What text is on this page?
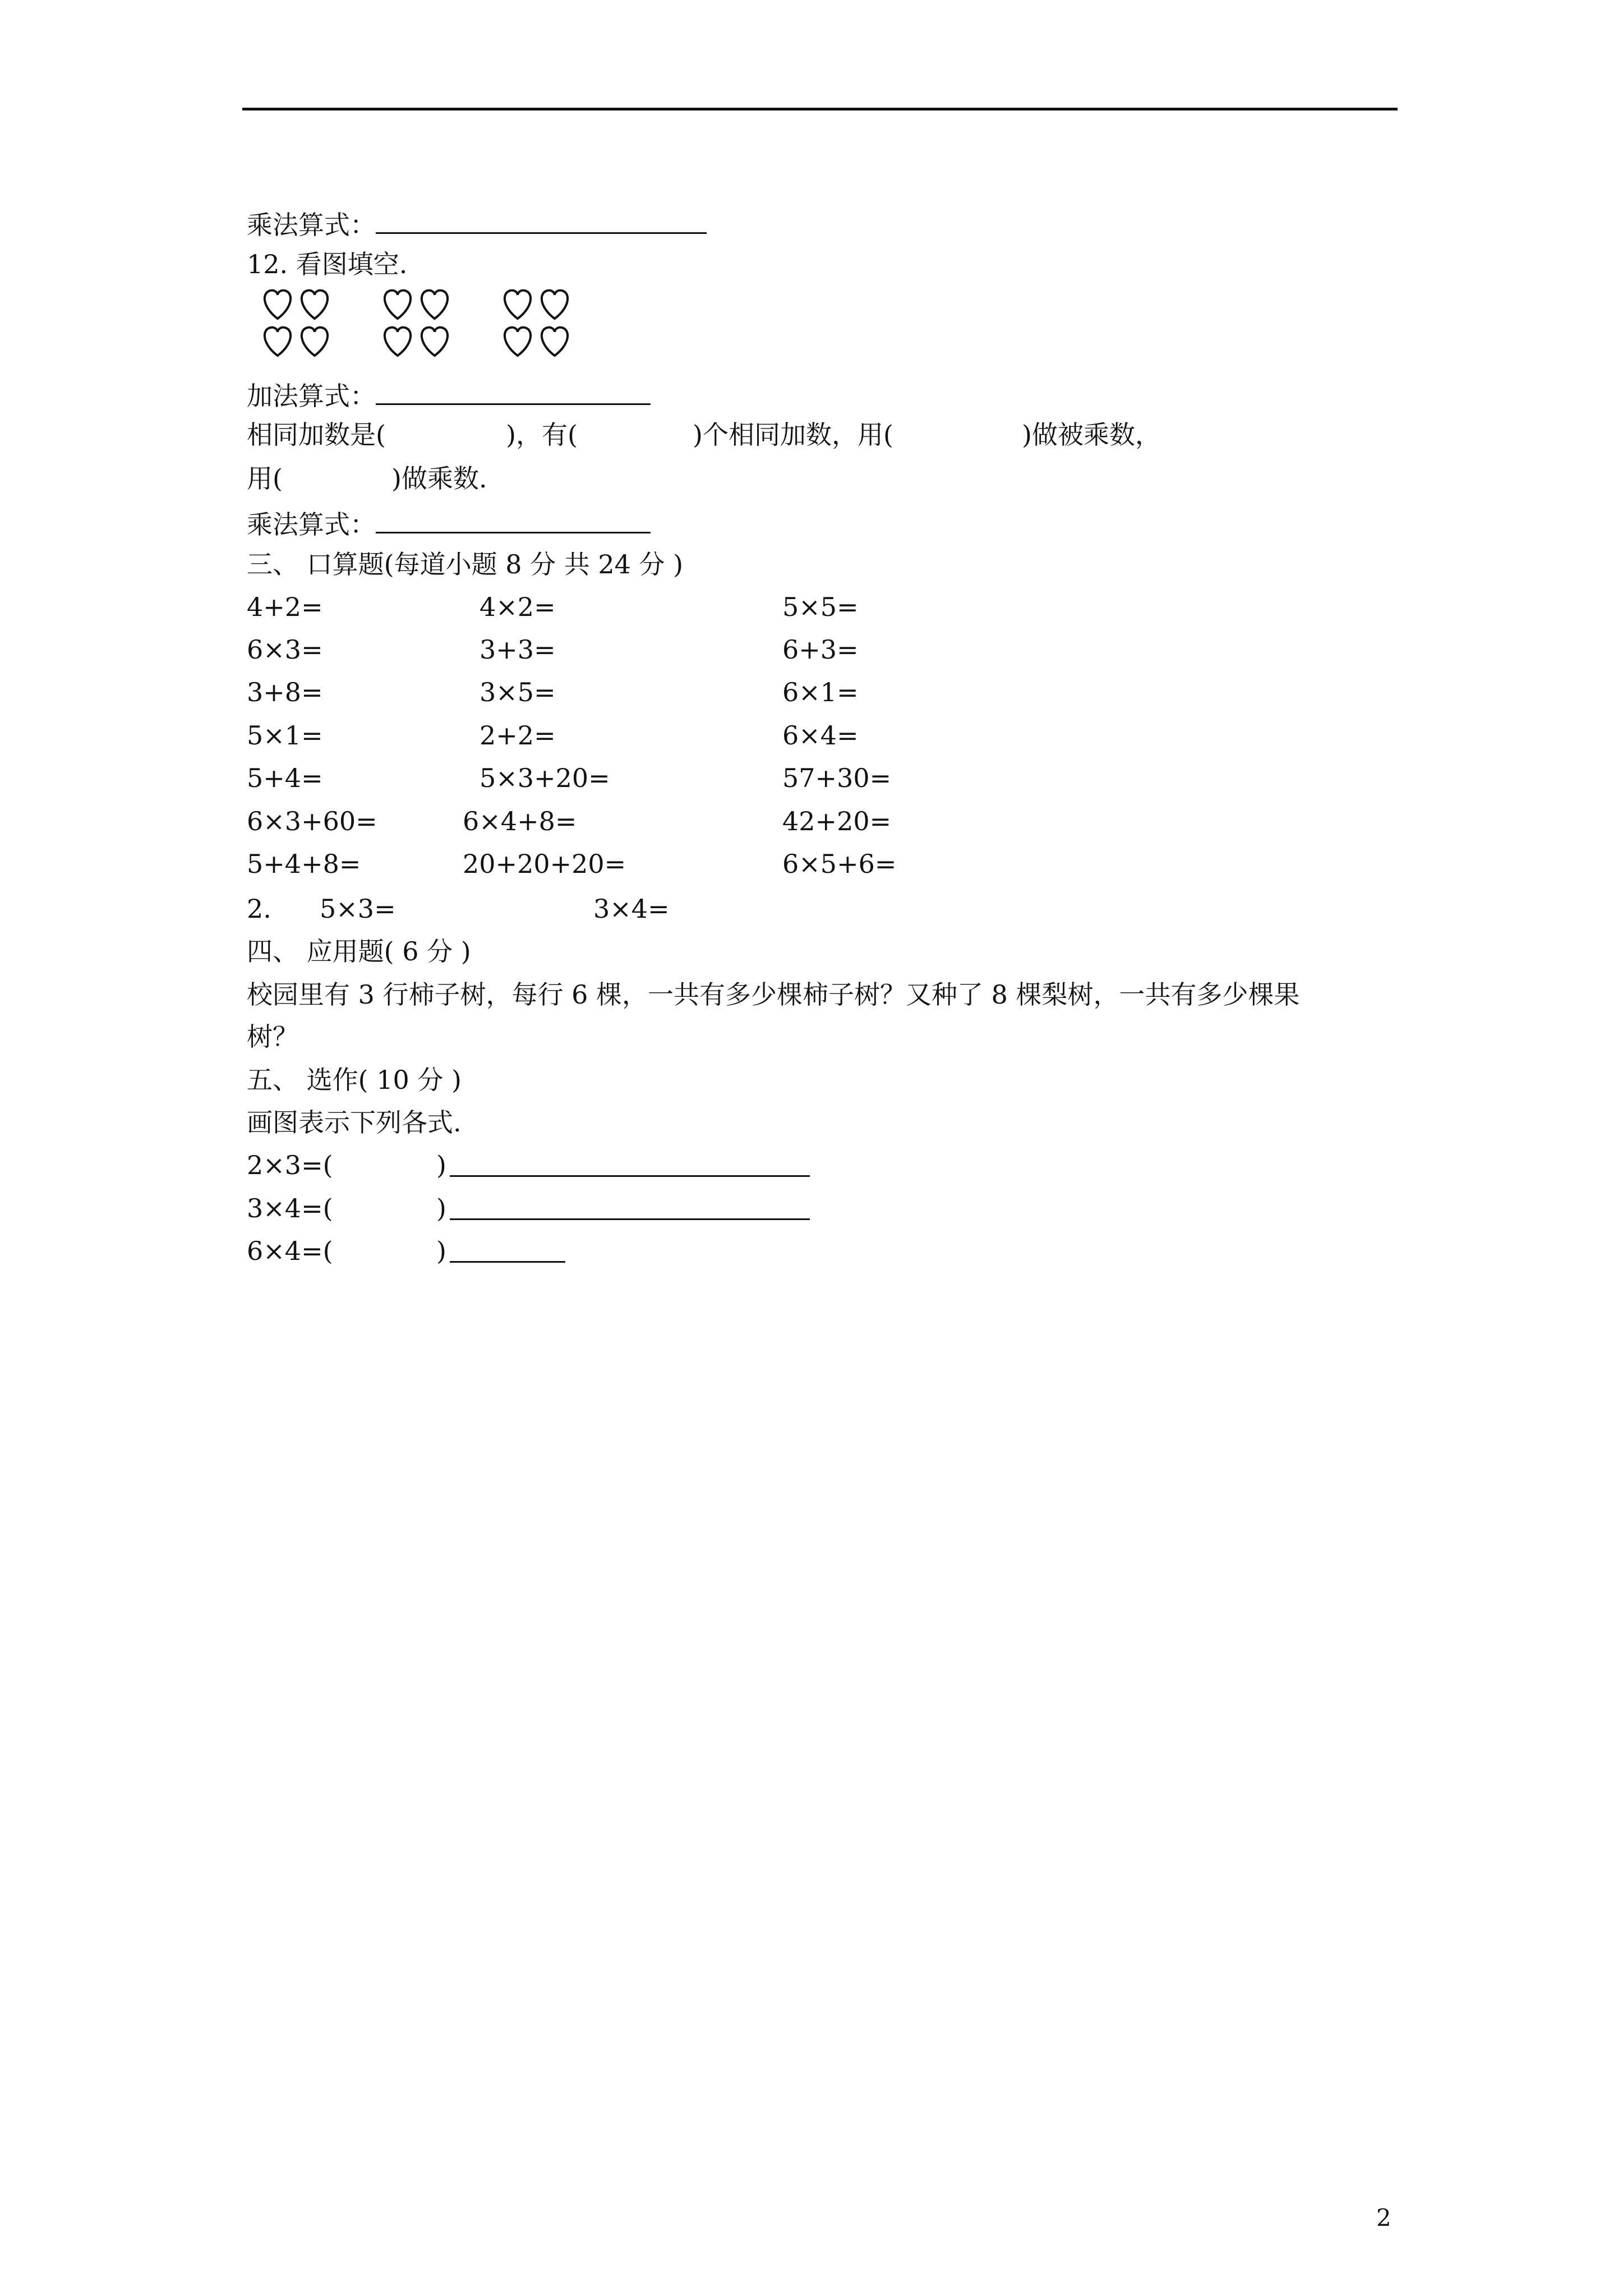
乘法算式：
12. 看图填空.
加法算式：
相同加数是(	)，有(	)个相同加数，用(	)做被乘数，
用(	)做乘数.
乘法算式：
三、 口算题(每道小题 8 分 共 24 分 )
4+2=	4×2=	5×5=
6×3=	3+3=	6+3=
3+8=	3×5=	6×1=
5×1=	2+2=	6×4=
5+4=	5×3+20=	57+30=
6×3+60=	6×4+8=	42+20=
5+4+8=	20+20+20=	6×5+6=
2. 5×3=	3×4=
四、 应用题( 6 分 )
校园里有 3 行柿子树，每行 6 棵，一共有多少棵柿子树？又种了 8 棵梨树，一共有多少棵果
树？
五、 选作( 10 分 )
画图表示下列各式.
2×3=(	)
3×4=(	)
6×4=(	)
2
